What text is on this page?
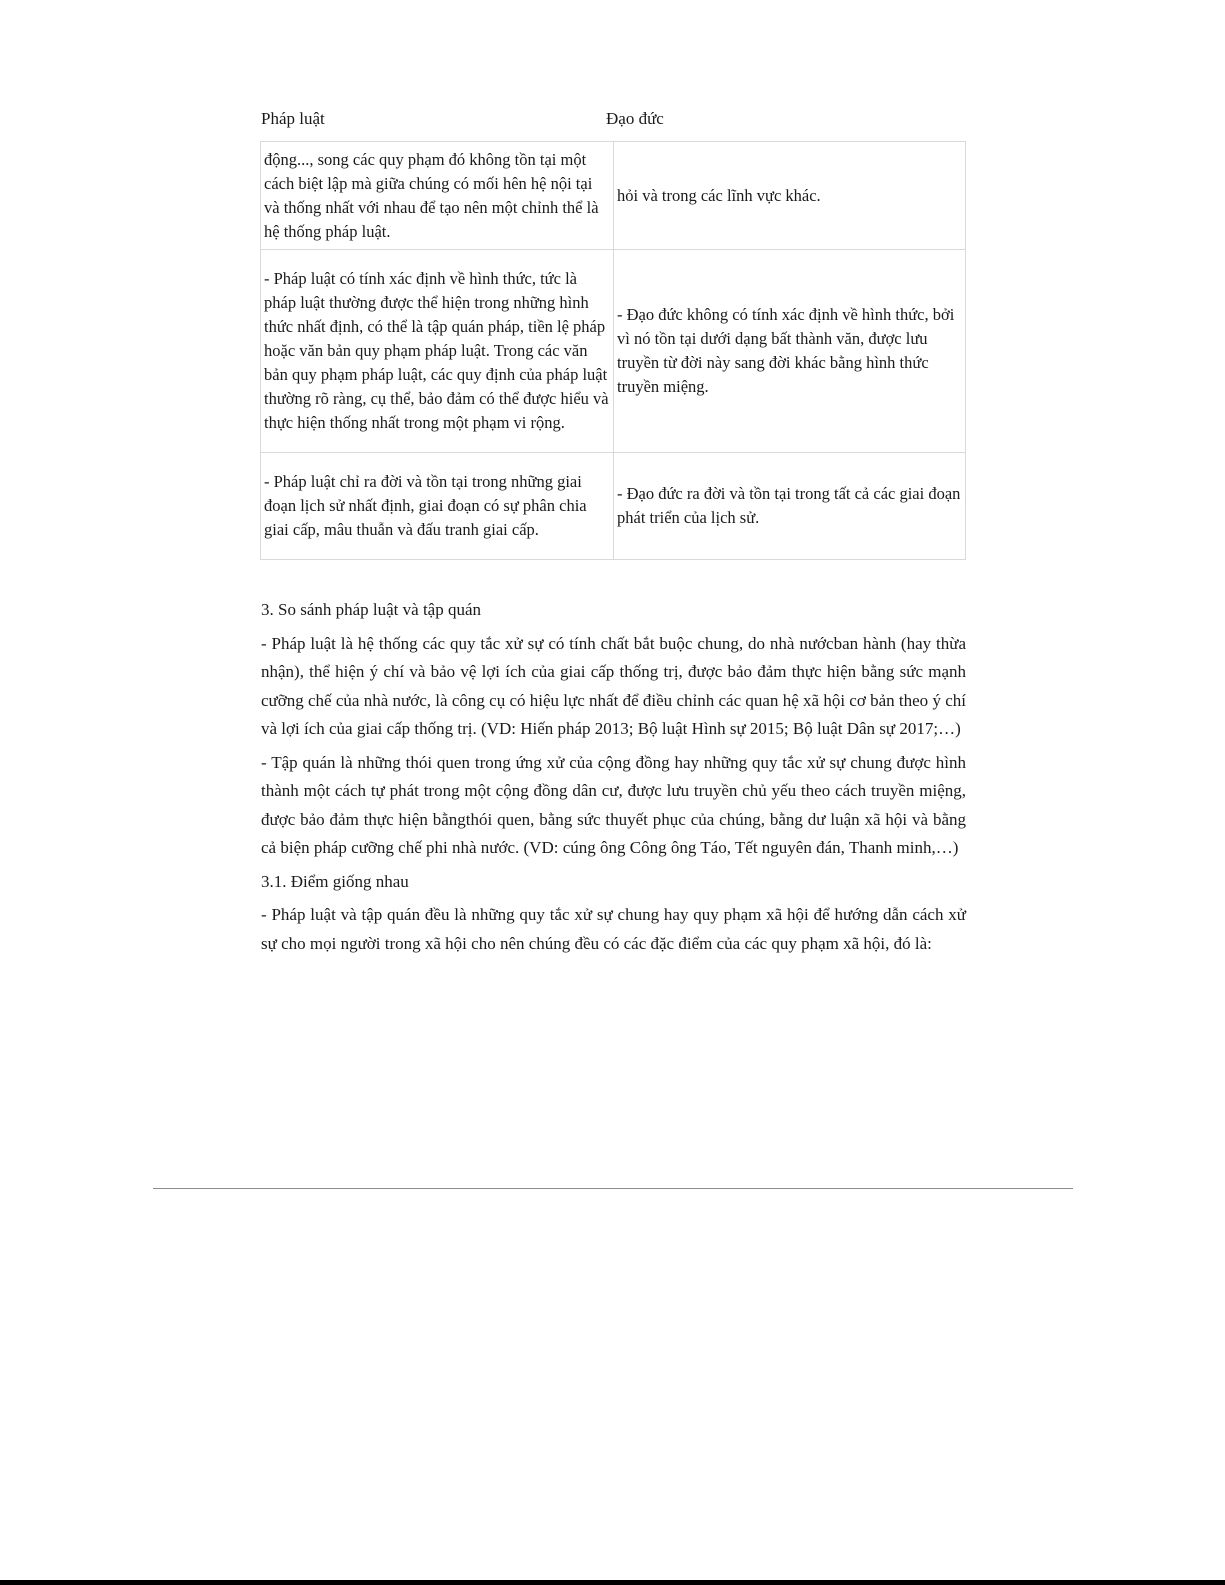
Pháp luật	Đạo đức
động..., song các quy phạm đó không tồn tại một cách biệt lập mà giữa chúng có mối hên hệ nội tại và thống nhất với nhau để tạo nên một chỉnh thể là hệ thống pháp luật.	hỏi và trong các lĩnh vực khác.
- Pháp luật có tính xác định về hình thức, tức là pháp luật thường được thể hiện trong những hình thức nhất định, có thể là tập quán pháp, tiền lệ pháp hoặc văn bản quy phạm pháp luật. Trong các văn bản quy phạm pháp luật, các quy định của pháp luật thường rõ ràng, cụ thể, bảo đảm có thể được hiểu và thực hiện thống nhất trong một phạm vi rộng.	- Đạo đức không có tính xác định về hình thức, bởi vì nó tồn tại dưới dạng bất thành văn, được lưu truyền từ đời này sang đời khác bằng hình thức truyền miệng.
- Pháp luật chỉ ra đời và tồn tại trong những giai đoạn lịch sử nhất định, giai đoạn có sự phân chia giai cấp, mâu thuẫn và đấu tranh giai cấp.	- Đạo đức ra đời và tồn tại trong tất cả các giai đoạn phát triển của lịch sử.

3. So sánh pháp luật và tập quán

- Pháp luật là hệ thống các quy tắc xử sự có tính chất bắt buộc chung, do nhà nướcban hành (hay thừa nhận), thể hiện ý chí và bảo vệ lợi ích của giai cấp thống trị, được bảo đảm thực hiện bằng sức mạnh cưỡng chế của nhà nước, là công cụ có hiệu lực nhất để điều chỉnh các quan hệ xã hội cơ bản theo ý chí và lợi ích của giai cấp thống trị. (VD: Hiến pháp 2013; Bộ luật Hình sự 2015; Bộ luật Dân sự 2017;…)

- Tập quán là những thói quen trong ứng xử của cộng đồng hay những quy tắc xử sự chung được hình thành một cách tự phát trong một cộng đồng dân cư, được lưu truyền chủ yếu theo cách truyền miệng, được bảo đảm thực hiện bằngthói quen, bằng sức thuyết phục của chúng, bằng dư luận xã hội và bằng cả biện pháp cưỡng chế phi nhà nước. (VD: cúng ông Công ông Táo, Tết nguyên đán, Thanh minh,…)

3.1. Điểm giống nhau

- Pháp luật và tập quán đều là những quy tắc xử sự chung hay quy phạm xã hội để hướng dẫn cách xử sự cho mọi người trong xã hội cho nên chúng đều có các đặc điểm của các quy phạm xã hội, đó là:
